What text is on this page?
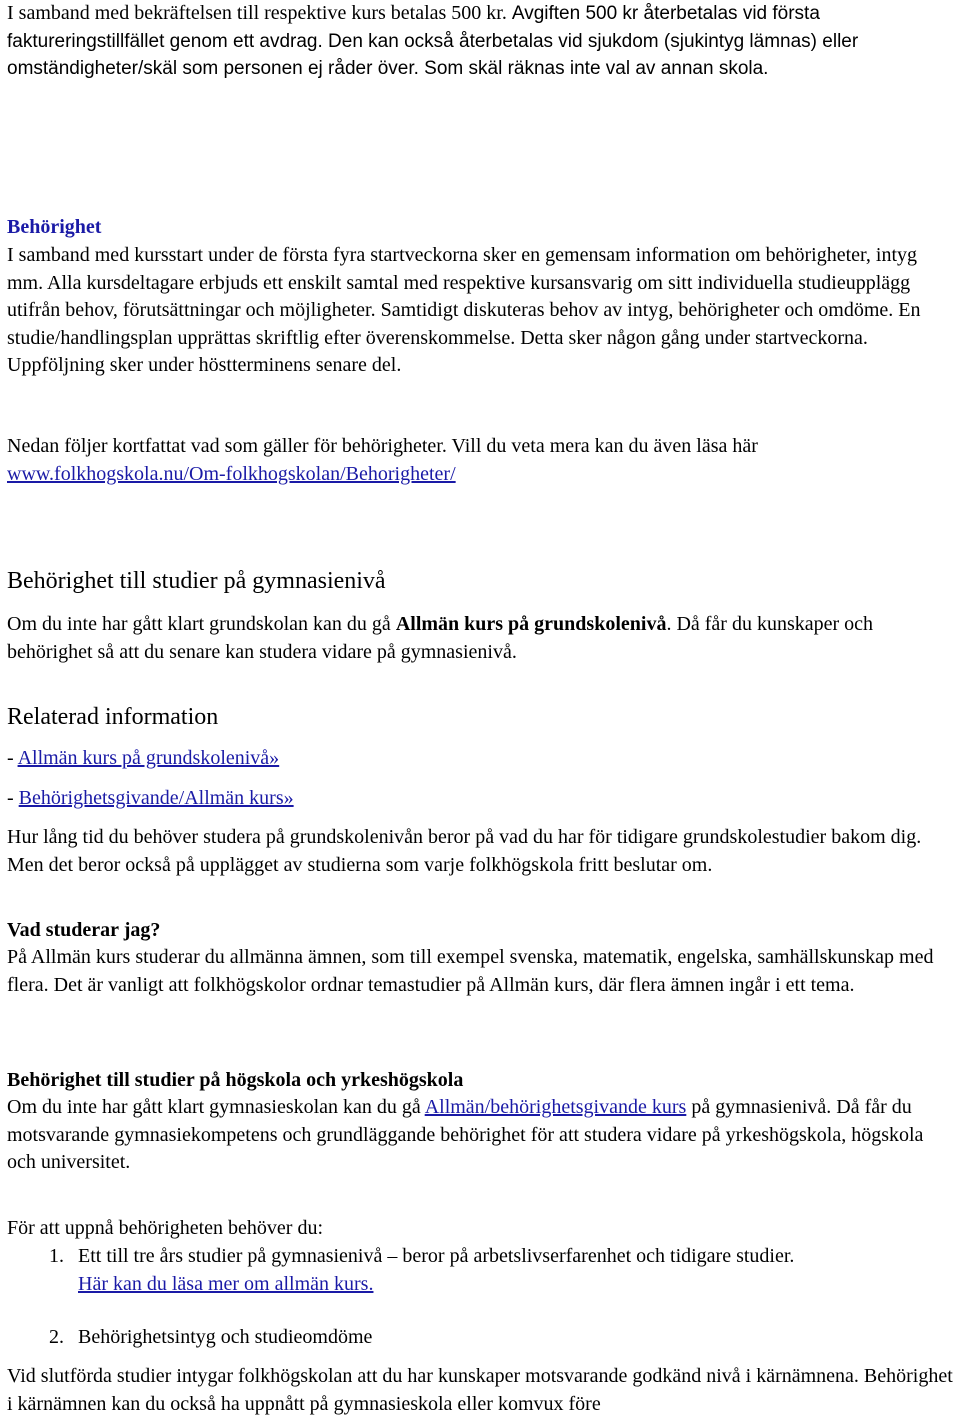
I samband med bekräftelsen till respektive kurs betalas 500 kr. Avgiften 500 kr återbetalas vid första faktureringstillfället genom ett avdrag. Den kan också återbetalas vid sjukdom (sjukintyg lämnas) eller omständigheter/skäl som personen ej råder över. Som skäl räknas inte val av annan skola.

Behörighet

I samband med kursstart under de första fyra startveckorna sker en gemensam information om behörigheter, intyg mm. Alla kursdeltagare erbjuds ett enskilt samtal med respektive kursansvarig om sitt individuella studieupplägg utifrån behov, förutsättningar och möjligheter. Samtidigt diskuteras behov av intyg, behörigheter och omdöme. En studie/handlingsplan upprättas skriftlig efter överenskommelse. Detta sker någon gång under startveckorna. Uppföljning sker under höstterminens senare del.

Nedan följer kortfattat vad som gäller för behörigheter. Vill du veta mera kan du även läsa här
www.folkhogskola.nu/Om-folkhogskolan/Behorigheter/

Behörighet till studier på gymnasienivå

Om du inte har gått klart grundskolan kan du gå Allmän kurs på grundskolenivå. Då får du kunskaper och behörighet så att du senare kan studera vidare på gymnasienivå.

Relaterad information

- Allmän kurs på grundskolenivå»

- Behörighetsgivande/Allmän kurs»

Hur lång tid du behöver studera på grundskolenivån beror på vad du har för tidigare grundskolestudier bakom dig. Men det beror också på upplägget av studierna som varje folkhögskola fritt beslutar om.

Vad studerar jag?

På Allmän kurs studerar du allmänna ämnen, som till exempel svenska, matematik, engelska, samhällskunskap med flera. Det är vanligt att folkhögskolor ordnar temastudier på Allmän kurs, där flera ämnen ingår i ett tema.

Behörighet till studier på högskola och yrkeshögskola

Om du inte har gått klart gymnasieskolan kan du gå Allmän/behörighetsgivande kurs på gymnasienivå. Då får du motsvarande gymnasiekompetens och grundläggande behörighet för att studera vidare på yrkeshögskola, högskola och universitet.

För att uppnå behörigheten behöver du:

1. Ett till tre års studier på gymnasienivå – beror på arbetslivserfarenhet och tidigare studier.
Här kan du läsa mer om allmän kurs.
2. Behörighetsintyg och studieomdöme

Vid slutförda studier intygar folkhögskolan att du har kunskaper motsvarande godkänd nivå i kärnämnena. Behörighet i kärnämnen kan du också ha uppnått på gymnasieskola eller komvux före
